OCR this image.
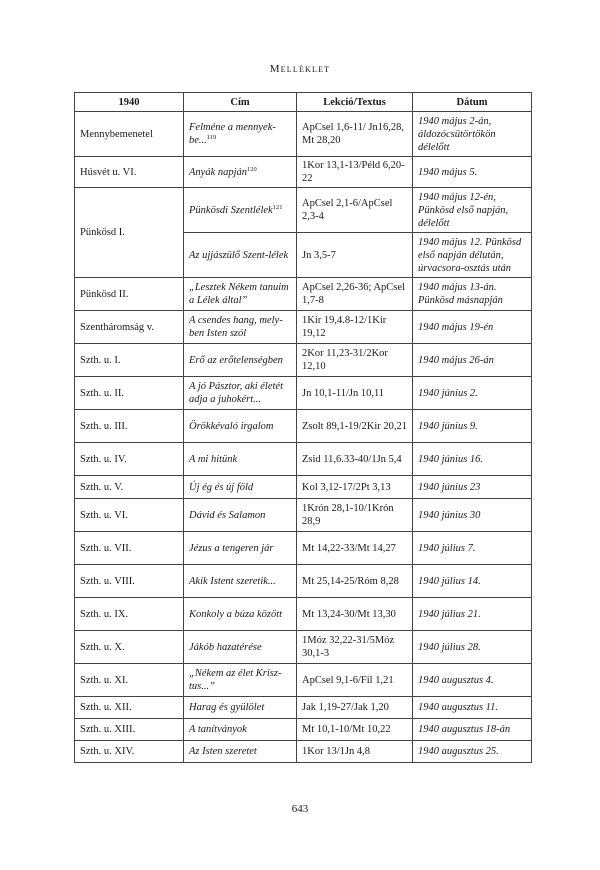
Melléklet
1940	Cím	Lekció/Textus	Dátum
Mennybemenetel	Felméne a mennyek-be...$^{119}$	ApCsel 1,6-11/ Jn16,28, Mt 28,20	1940 május 2-án, áldozócsütörtökön délelőtt
Húsvét u. VI.	Anyák napján$^{120}$	1Kor 13,1-13/Péld 6,20-22	1940 május 5.
Pünkösd I.	Pünkösdi Szentlélek$^{121}$	ApCsel 2,1-6/ApCsel 2,3-4	1940 május 12-én, Pünkösd első napján, délelőtt
	Az ujjászülő Szent-lélek	Jn 3,5-7	1940 május 12. Pünkösd első napján délután, úrvacsora-osztás után
Pünkösd II.	„Lesztek Nékem tanuim a Lélek által”	ApCsel 2,26-36; ApCsel 1,7-8	1940 május 13-án. Pünkösd másnapján
Szentháromság v.	A csendes hang, mely-ben Isten szól	1Kir 19,4.8-12/1Kir 19,12	1940 május 19-én
Szth. u. I.	Erő az erőtelenségben	2Kor 11,23-31/2Kor 12,10	1940 május 26-án
Szth. u. II.	A jó Pásztor, aki életét adja a juhokért...	Jn 10,1-11/Jn 10,11	1940 június 2.
Szth. u. III.	Örökkévaló irgalom	Zsolt 89,1-19/2Kir 20,21	1940 június 9.
Szth. u. IV.	A mi hitünk	Zsid 11,6.33-40/1Jn 5,4	1940 június 16.
Szth. u. V.	Új ég és új föld	Kol 3,12-17/2Pt 3,13	1940 június 23
Szth. u. VI.	Dávid és Salamon	1Krón 28,1-10/1Krón 28,9	1940 június 30
Szth. u. VII.	Jézus a tengeren jár	Mt 14,22-33/Mt 14,27	1940 július 7.
Szth. u. VIII.	Akik Istent szeretik...	Mt 25,14-25/Róm 8,28	1940 július 14.
Szth. u. IX.	Konkoly a búza között	Mt 13,24-30/Mt 13,30	1940 július 21.
Szth. u. X.	Jákób hazatérése	1Móz 32,22-31/5Móz 30,1-3	1940 július 28.
Szth. u. XI.	„Nékem az élet Krisz-tus...”	ApCsel 9,1-6/Fil 1,21	1940 augusztus 4.
Szth. u. XII.	Harag és gyülölet	Jak 1,19-27/Jak 1,20	1940 augusztus 11.
Szth. u. XIII.	A tanítványok	Mt 10,1-10/Mt 10,22	1940 augusztus 18-án
Szth. u. XIV.	Az Isten szeretet	1Kor 13/1Jn 4,8	1940 augusztus 25.
643
